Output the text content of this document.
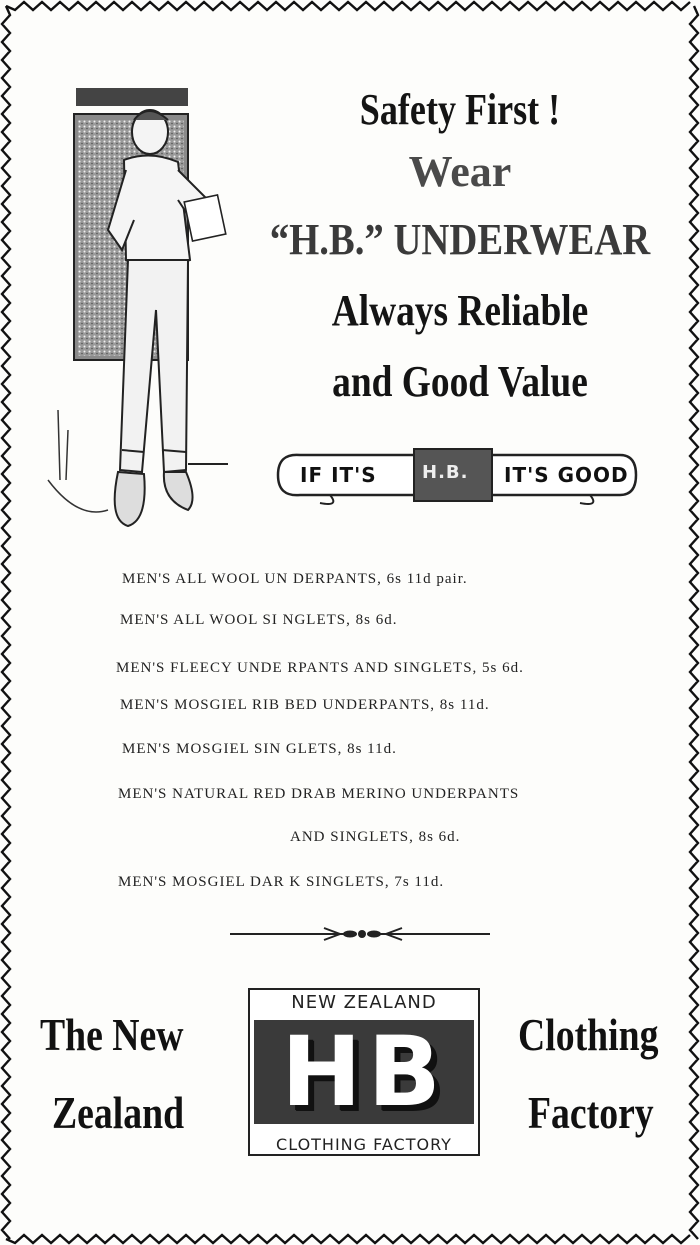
Safety First !
Wear
“H.B.” UNDERWEAR
Always Reliable
and Good Value
IF IT'S	H.B. IT'S GOOD
MEN'S ALL WOOL UN DERPANTS, 6s 11d pair.
MEN'S ALL WOOL SI NGLETS, 8s 6d.
MEN'S FLEECY UNDE RPANTS AND SINGLETS, 5s 6d.
MEN'S MOSGIEL RIB BED UNDERPANTS, 8s 11d.
MEN'S MOSGIEL SIN GLETS, 8s 11d.
MEN'S NATURAL RED DRAB MERINO UNDERPANTS
AND SINGLETS, 8s 6d.
MEN'S MOSGIEL DAR K SINGLETS, 7s 11d.
The New
Zealand
Clothing
Factory
NEW ZEALAND
HB
CLOTHING FACTORY
